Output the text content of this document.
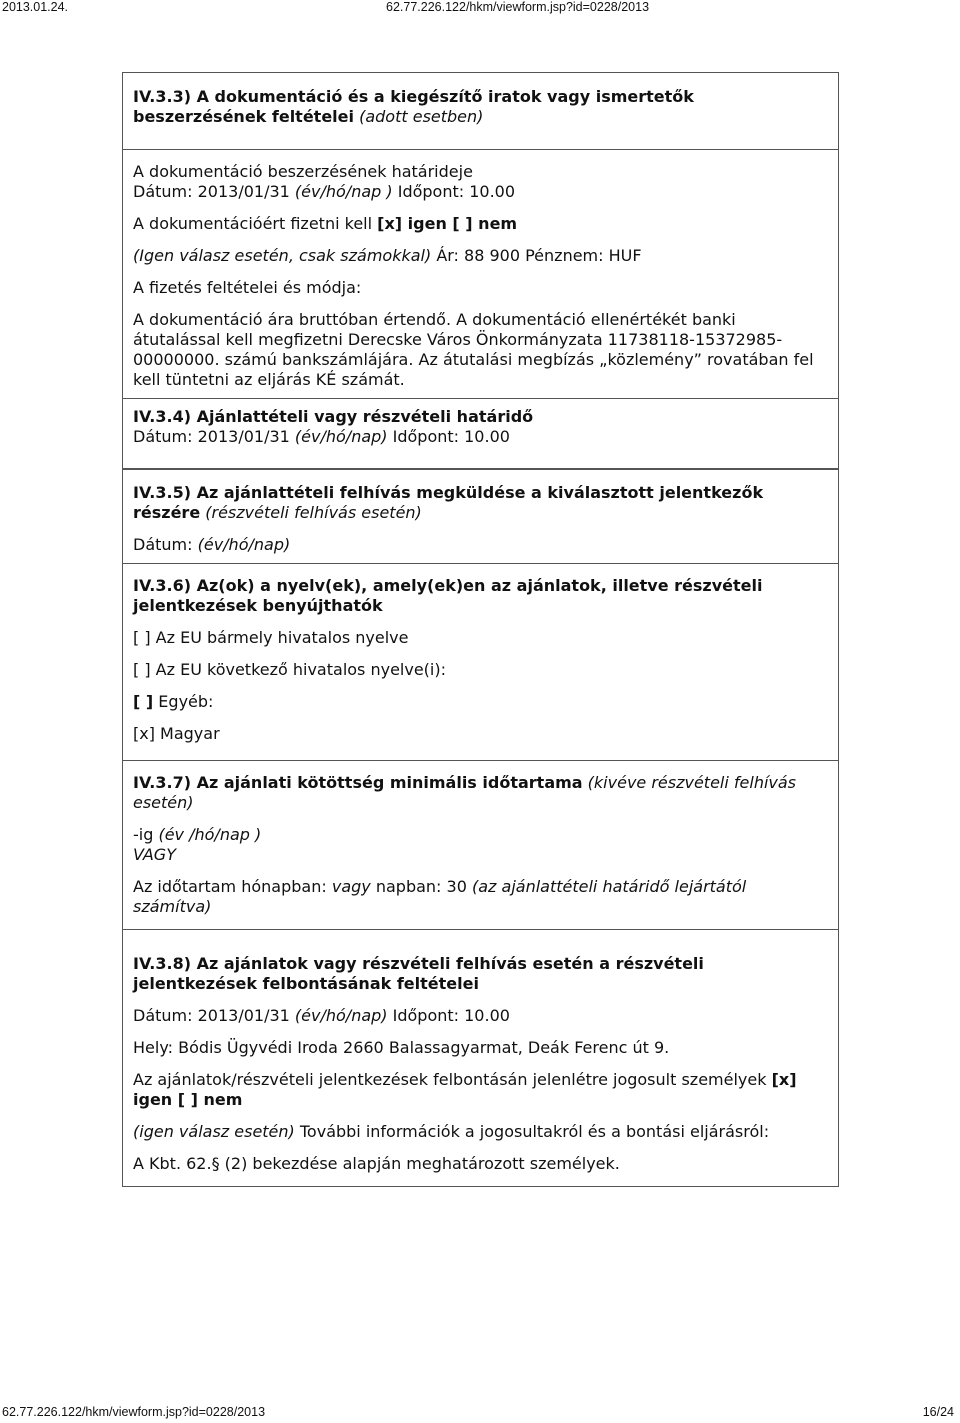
2013.01.24.	62.77.226.122/hkm/viewform.jsp?id=0228/2013

IV.3.3) A dokumentáció és a kiegészítő iratok vagy ismertetők beszerzésének feltételei (adott esetben)

A dokumentáció beszerzésének határideje

Dátum: 2013/01/31 (év/hó/nap ) Időpont: 10.00

A dokumentációért fizetni kell [x] igen [ ] nem

(Igen válasz esetén, csak számokkal) Ár: 88 900 Pénznem: HUF

A fizetés feltételei és módja:

A dokumentáció ára bruttóban értendő. A dokumentáció ellenértékét banki átutalással kell megfizetni Derecske Város Önkormányzata 11738118-15372985-00000000. számú bankszámlájára. Az átutalási megbízás „közlemény” rovatában fel kell tüntetni az eljárás KÉ számát.

IV.3.4) Ajánlattételi vagy részvételi határidő

Dátum: 2013/01/31 (év/hó/nap) Időpont: 10.00

IV.3.5) Az ajánlattételi felhívás megküldése a kiválasztott jelentkezők részére (részvételi felhívás esetén)

Dátum: (év/hó/nap)

IV.3.6) Az(ok) a nyelv(ek), amely(ek)en az ajánlatok, illetve részvételi jelentkezések benyújthatók

[ ] Az EU bármely hivatalos nyelve

[ ] Az EU következő hivatalos nyelve(i):

[ ] Egyéb:

[x] Magyar

IV.3.7) Az ajánlati kötöttség minimális időtartama (kivéve részvételi felhívás esetén)

-ig (év /hó/nap )

VAGY

Az időtartam hónapban: vagy napban: 30 (az ajánlattételi határidő lejártától számítva)

IV.3.8) Az ajánlatok vagy részvételi felhívás esetén a részvételi jelentkezések felbontásának feltételei

Dátum: 2013/01/31 (év/hó/nap) Időpont: 10.00

Hely: Bódis Ügyvédi Iroda 2660 Balassagyarmat, Deák Ferenc út 9.

Az ajánlatok/részvételi jelentkezések felbontásán jelenlétre jogosult személyek [x] igen [ ] nem

(igen válasz esetén) További információk a jogosultakról és a bontási eljárásról:

A Kbt. 62.§ (2) bekezdése alapján meghatározott személyek.

62.77.226.122/hkm/viewform.jsp?id=0228/2013	16/24
